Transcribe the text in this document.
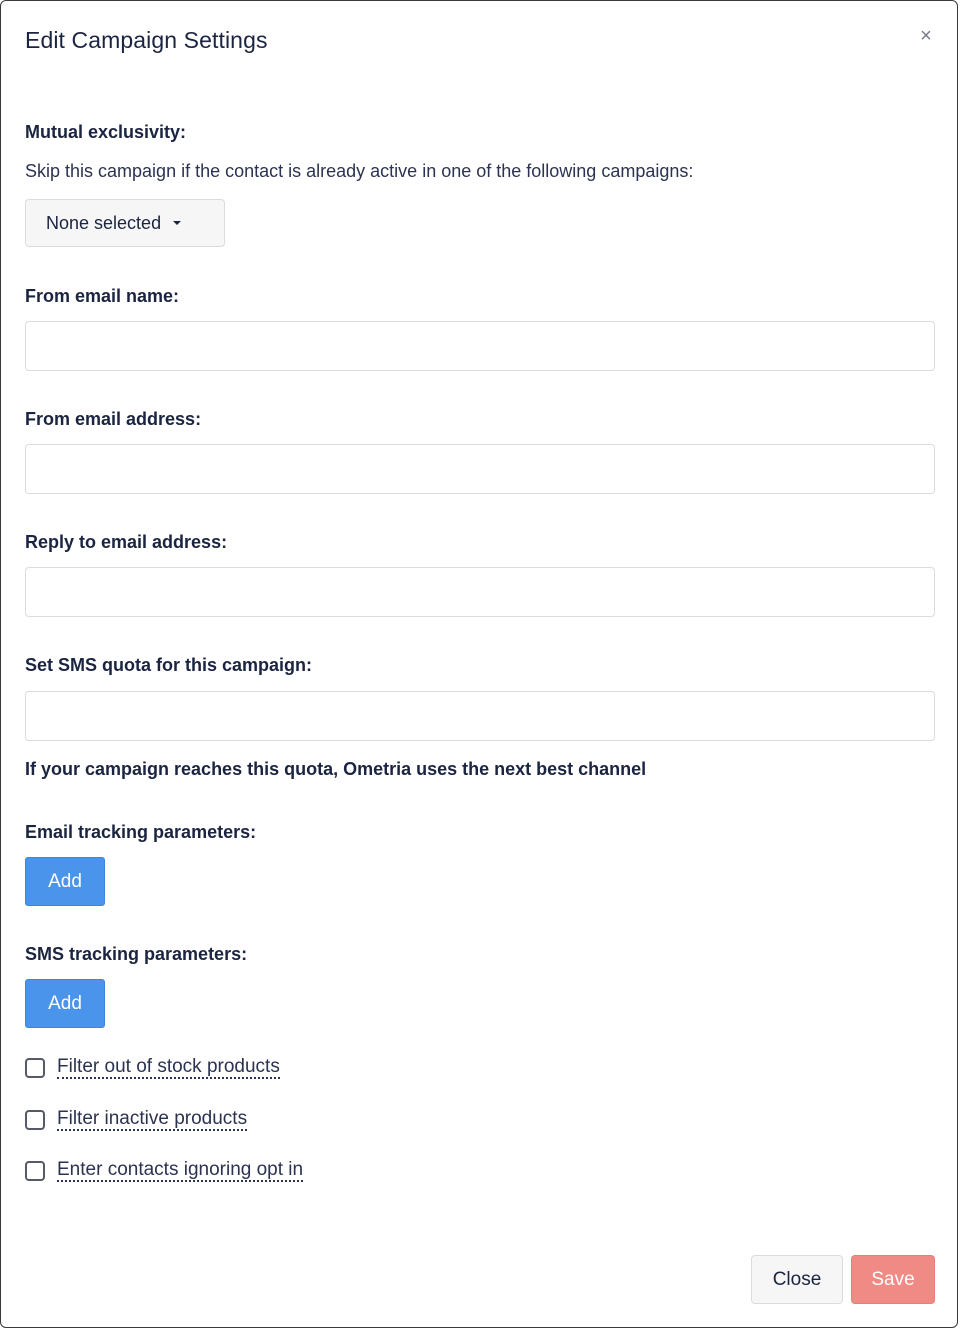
Edit Campaign Settings	×
Mutual exclusivity:
Skip this campaign if the contact is already active in one of the following campaigns:
None selected
From email name:
From email address:
Reply to email address:
Set SMS quota for this campaign:
If your campaign reaches this quota, Ometria uses the next best channel
Email tracking parameters:
Add
SMS tracking parameters:
Add
Filter out of stock products
Filter inactive products
Enter contacts ignoring opt in
Close	Save
